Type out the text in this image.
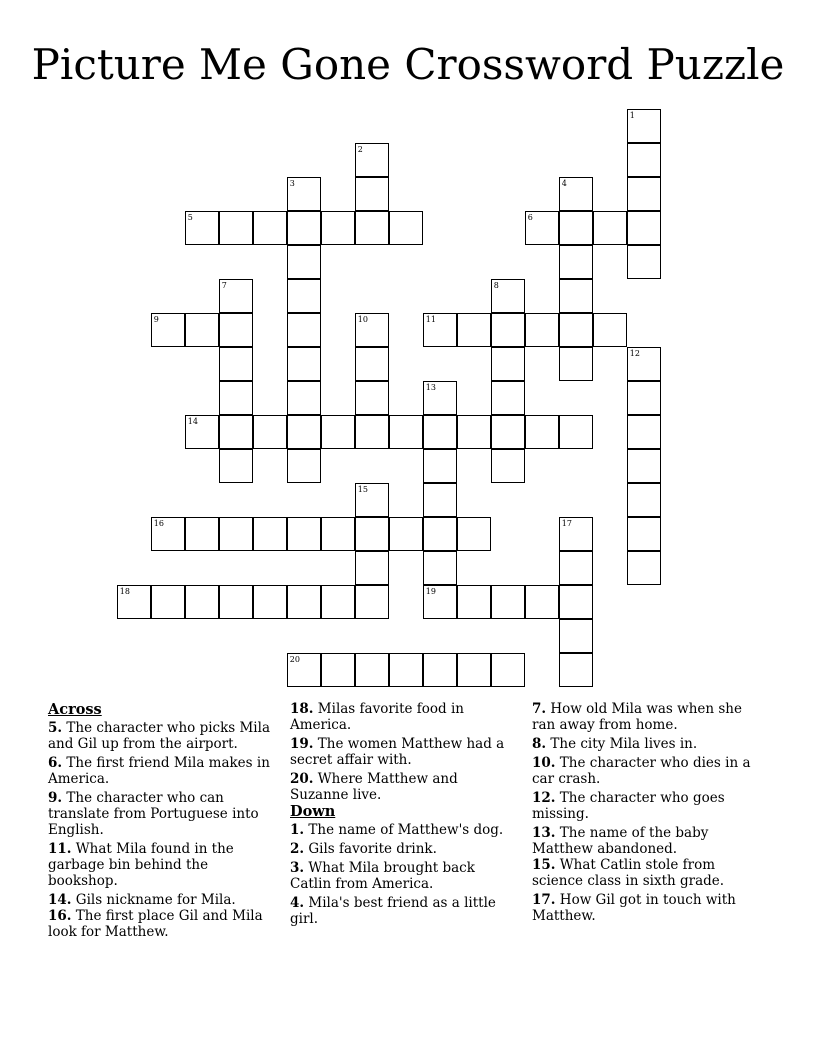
Picture Me Gone Crossword Puzzle
1
2
3	4
5	6
7	8
9	10	11
12
13
19
14
15
16	17
18
20
Across

5. The character who picks Mila and Gil up from the airport.

6. The first friend Mila makes in America.

9. The character who can translate from Portuguese into English.

11. What Mila found in the garbage bin behind the bookshop.

14. Gils nickname for Mila.

16. The first place Gil and Mila look for Matthew.

18. Milas favorite food in America.

19. The women Matthew had a secret affair with.

20. Where Matthew and Suzanne live.

Down

1. The name of Matthew's dog.

2. Gils favorite drink.

3. What Mila brought back Catlin from America.

4. Mila's best friend as a little girl.

7. How old Mila was when she ran away from home.

8. The city Mila lives in.

10. The character who dies in a car crash.

12. The character who goes missing.

13. The name of the baby Matthew abandoned.

15. What Catlin stole from science class in sixth grade.

17. How Gil got in touch with Matthew.
